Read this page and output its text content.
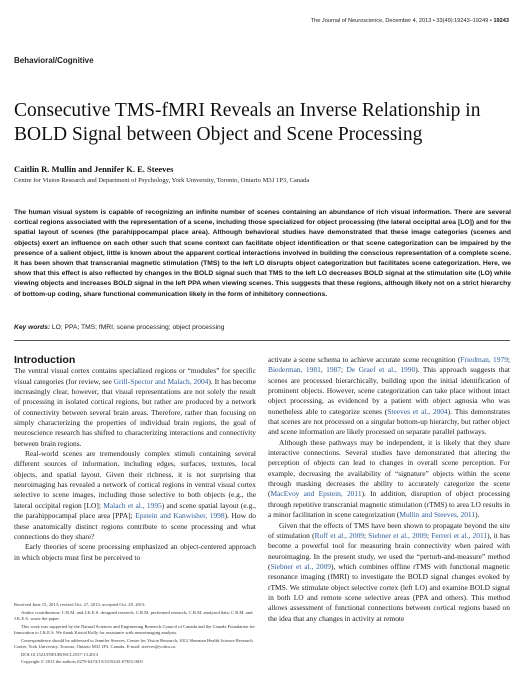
The Journal of Neuroscience, December 4, 2013 • 33(49):19243–19249 • 19243
Behavioral/Cognitive
Consecutive TMS-fMRI Reveals an Inverse Relationship in BOLD Signal between Object and Scene Processing
Caitlin R. Mullin and Jennifer K. E. Steeves
Centre for Vision Research and Department of Psychology, York University, Toronto, Ontario M3J 1P3, Canada

The human visual system is capable of recognizing an infinite number of scenes containing an abundance of rich visual information. There are several cortical regions associated with the representation of a scene, including those specialized for object processing (the lateral occipital area [LO]) and for the spatial layout of scenes (the parahippocampal place area). Although behavioral studies have demonstrated that these image categories (scenes and objects) exert an influence on each other such that scene context can facilitate object identification or that scene categorization can be impaired by the presence of a salient object, little is known about the apparent cortical interactions involved in building the conscious representation of a complete scene. It has been shown that transcranial magnetic stimulation (TMS) to the left LO disrupts object categorization but facilitates scene categorization. Here, we show that this effect is also reflected by changes in the BOLD signal such that TMS to the left LO decreases BOLD signal at the stimulation site (LO) while viewing objects and increases BOLD signal in the left PPA when viewing scenes. This suggests that these regions, although likely not on a strict hierarchy of bottom-up coding, share functional communication likely in the form of inhibitory connections.

Key words: LO; PPA; TMS; fMRI; scene processing; object processing
Introduction

The ventral visual cortex contains specialized regions or “modules” for specific visual categories (for review, see Grill-Spector and Malach, 2004). It has become increasingly clear, however, that visual representations are not solely the result of processing in isolated cortical regions, but rather are produced by a network of connectivity between several brain areas. Therefore, rather than focusing on simply characterizing the properties of individual brain regions, the goal of neuroscience research has shifted to characterizing interactions and connectivity between brain regions.

Real-world scenes are tremendously complex stimuli containing several different sources of information, including edges, surfaces, textures, local objects, and spatial layout. Given their richness, it is not surprising that neuroimaging has revealed a network of cortical regions in ventral visual cortex selective to scene images, including those selective to both objects (e.g., the lateral occipital region [LO]; Malach et al., 1995) and scene spatial layout (e.g., the parahippocampal place area [PPA]; Epstein and Kanwisher, 1998). How do these anatomically distinct regions contribute to scene processing and what connections do they share?

Early theories of scene processing emphasized an object-centered approach in which objects must first be perceived to

Received June 15, 2013; revised Oct. 27, 2013; accepted Oct. 29, 2013.

Author contributions: C.R.M. and J.K.E.S. designed research; C.R.M. performed research; C.R.M. analyzed data; C.R.M. and J.K.E.S. wrote the paper.

This work was supported by the Natural Sciences and Engineering Research Council of Canada and the Canada Foundation for Innovation to J.K.E.S. We thank Kristal Kelly for assistance with neuroimaging analysis.

Correspondence should be addressed to Jennifer Steeves, Centre for Vision Research, 1012 Sherman Health Science Research Centre, York University, Toronto, Ontario M3J 1P3, Canada. E-mail: steeves@yorku.ca.

DOI:10.1523/JNEUROSCI.2537-13.2013

Copyright © 2013 the authors 0270-6474/13/3319243-07$15.00/0

activate a scene schema to achieve accurate scene recognition (Friedman, 1979; Biederman, 1981, 1987; De Graef et al., 1990). This approach suggests that scenes are processed hierarchically, building upon the initial identification of prominent objects. However, scene categorization can take place without intact object processing, as evidenced by a patient with object agnosia who was nonetheless able to categorize scenes (Steeves et al., 2004). This demonstrates that scenes are not processed on a singular bottom-up hierarchy, but rather object and scene information are likely processed on separate parallel pathways.

Although these pathways may be independent, it is likely that they share interactive connections. Several studies have demonstrated that altering the perception of objects can lead to changes in overall scene perception. For example, decreasing the availability of “signature” objects within the scene through masking decreases the ability to accurately categorize the scene (MacEvoy and Epstein, 2011). In addition, disruption of object processing through repetitive transcranial magnetic stimulation (rTMS) to area LO results in a minor facilitation in scene categorization (Mullin and Steeves, 2011).

Given that the effects of TMS have been shown to propagate beyond the site of stimulation (Ruff et al., 2009; Siebner et al., 2009; Ferreri et al., 2011), it has become a powerful tool for measuring brain connectivity when paired with neuroimaging. In the present study, we used the “perturb-and-measure” method (Siebner et al., 2009), which combines offline rTMS with functional magnetic resonance imaging (fMRI) to investigate the BOLD signal changes evoked by rTMS. We stimulate object selective cortex (left LO) and examine BOLD signal in both LO and remote scene selective areas (PPA and others). This method allows assessment of functional connections between cortical regions based on the idea that any changes in activity at remote
